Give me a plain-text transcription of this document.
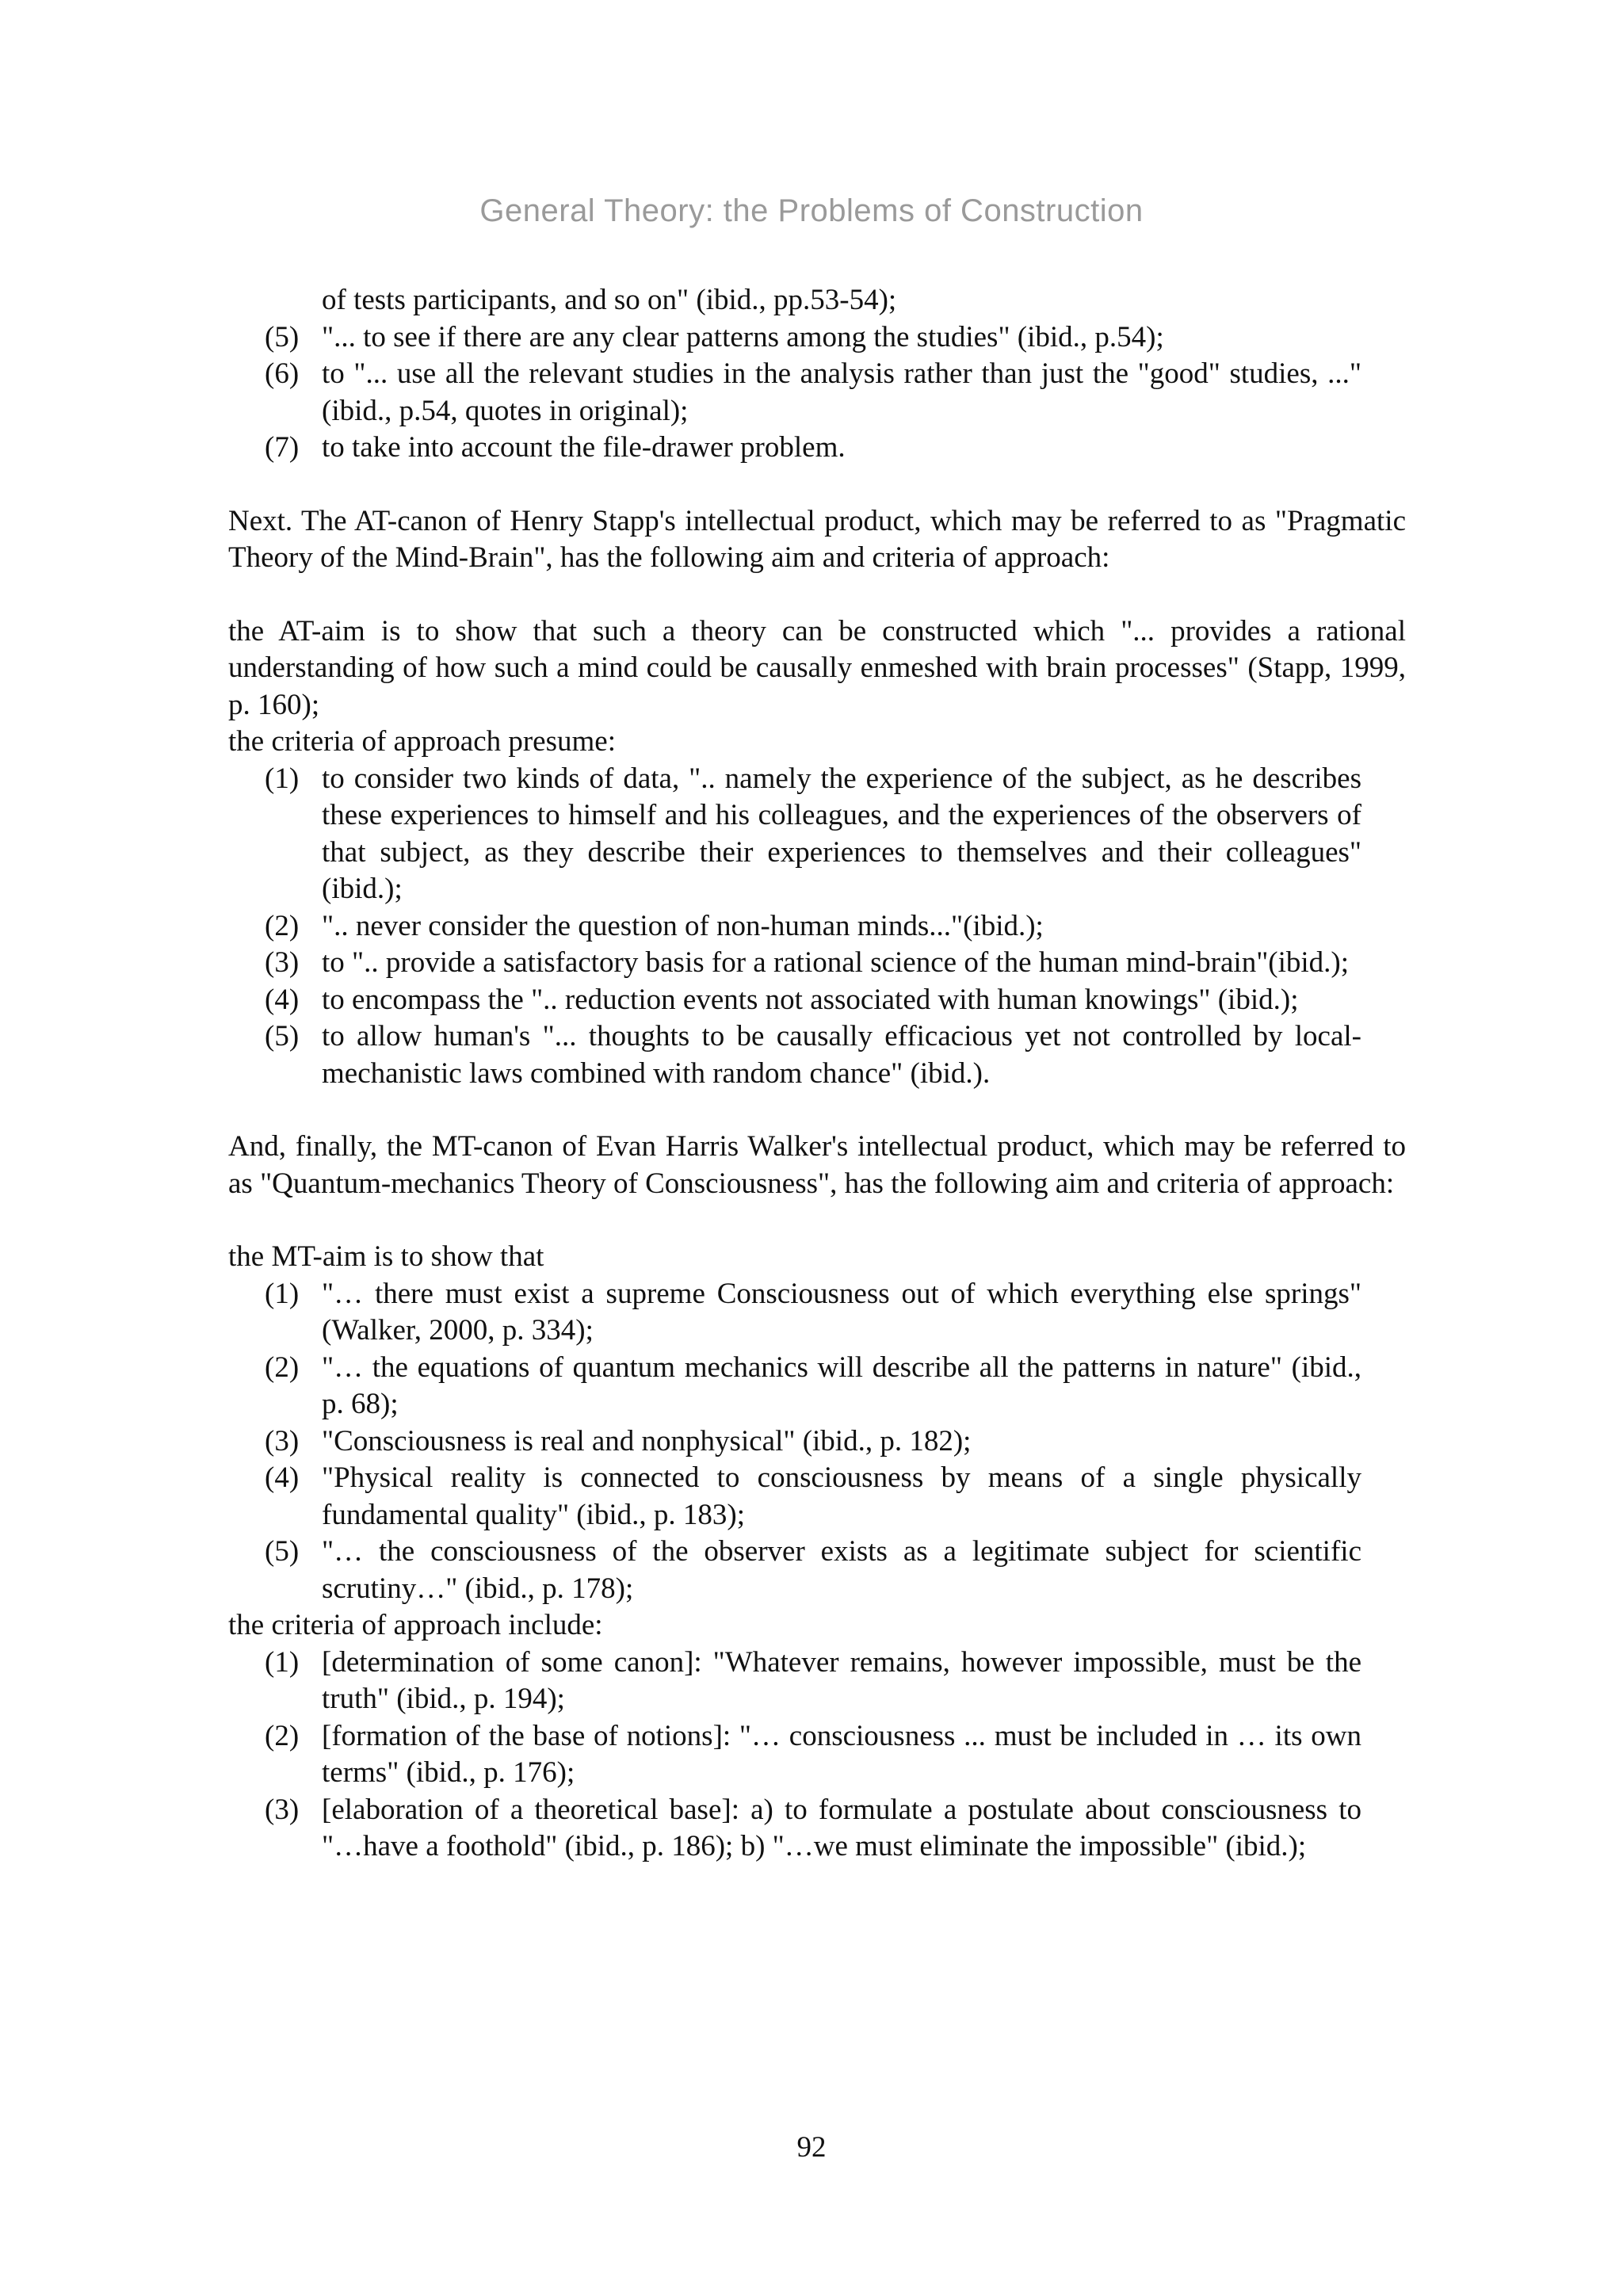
General Theory: the Problems of Construction
of tests participants, and so on" (ibid., pp.53-54);
(5) "... to see if there are any clear patterns among the studies" (ibid., p.54);
(6) to "... use all the relevant studies in the analysis rather than just the "good" studies, ..." (ibid., p.54, quotes in original);
(7) to take into account the file-drawer problem.

Next. The AT-canon of Henry Stapp's intellectual product, which may be referred to as "Pragmatic Theory of the Mind-Brain", has the following aim and criteria of approach:

the AT-aim is to show that such a theory can be constructed which "... provides a rational understanding of how such a mind could be causally enmeshed with brain processes" (Stapp, 1999, p. 160);

the criteria of approach presume:

(1) to consider two kinds of data, ".. namely the experience of the subject, as he describes these experiences to himself and his colleagues, and the experiences of the observers of that subject, as they describe their experiences to themselves and their colleagues"(ibid.);
(2) ".. never consider the question of non-human minds..."(ibid.);
(3) to ".. provide a satisfactory basis for a rational science of the human mind-brain"(ibid.);
(4) to encompass the ".. reduction events not associated with human knowings" (ibid.);
(5) to allow human's "... thoughts to be causally efficacious yet not controlled by local-mechanistic laws combined with random chance" (ibid.).

And, finally, the MT-canon of Evan Harris Walker's intellectual product, which may be referred to as "Quantum-mechanics Theory of Consciousness", has the following aim and criteria of approach:

the MT-aim is to show that

(1) "… there must exist a supreme Consciousness out of which everything else springs" (Walker, 2000, p. 334);
(2) "… the equations of quantum mechanics will describe all the patterns in nature" (ibid., p. 68);
(3) "Consciousness is real and nonphysical" (ibid., p. 182);
(4) "Physical reality is connected to consciousness by means of a single physically fundamental quality" (ibid., p. 183);
(5) "… the consciousness of the observer exists as a legitimate subject for scientific scrutiny…" (ibid., p. 178);

the criteria of approach include:

(1) [determination of some canon]: "Whatever remains, however impossible, must be the truth" (ibid., p. 194);
(2) [formation of the base of notions]: "… consciousness ... must be included in … its own terms" (ibid., p. 176);
(3) [elaboration of a theoretical base]: a) to formulate a postulate about consciousness to "…have a foothold" (ibid., p. 186); b) "…we must eliminate the impossible" (ibid.);
92
